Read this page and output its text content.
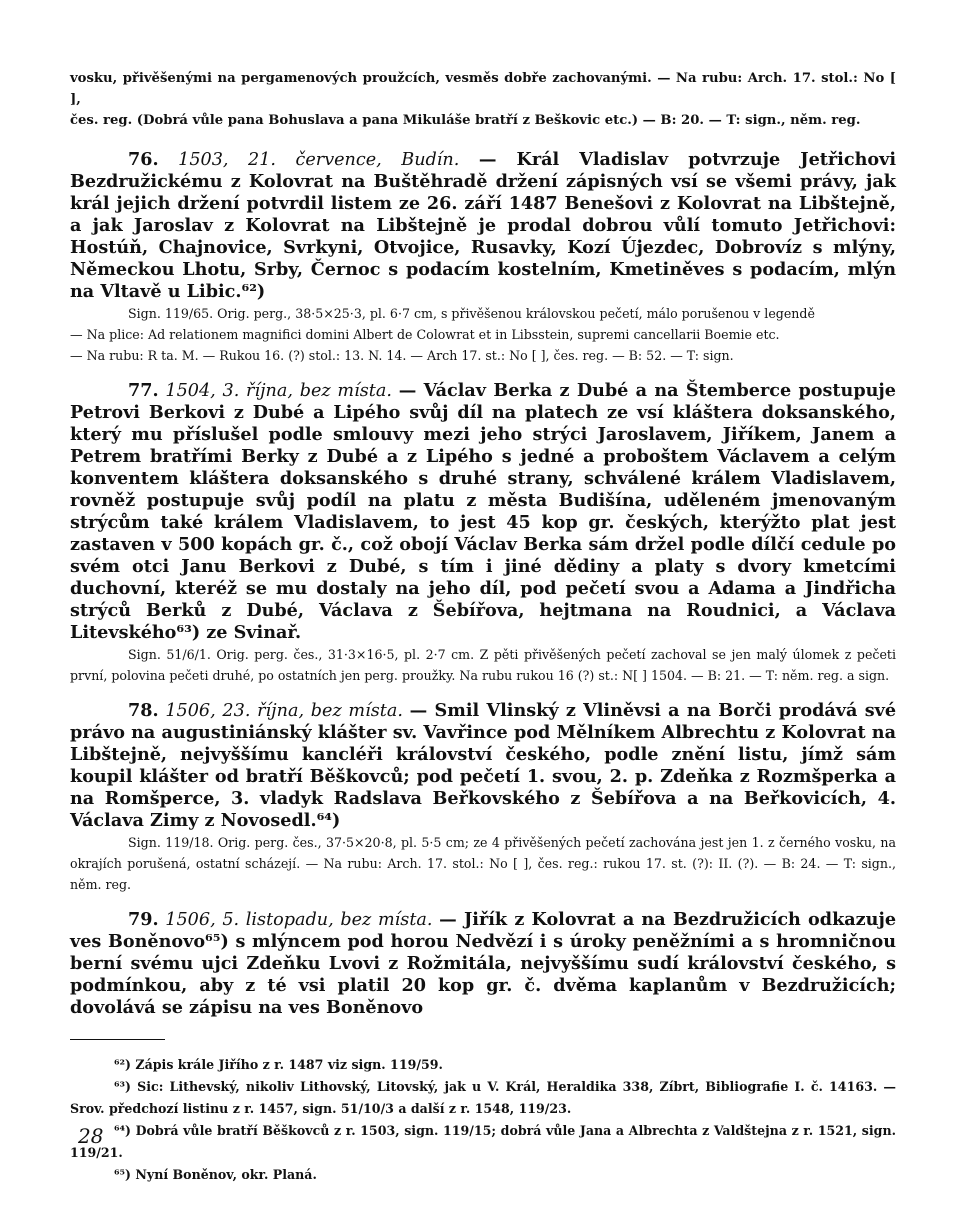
vosku, přivěšenými na pergamenových proužcích, vesměs dobře zachovanými. — Na rubu: Arch. 17. stol.: No [ ],

čes. reg. (Dobrá vůle pana Bohuslava a pana Mikuláše bratří z Beškovic etc.) — B: 20. — T: sign., něm. reg.

76. 1503, 21. července, Budín. — Král Vladislav potvrzuje Jetřichovi Bezdružickému z Kolovrat na Buštěhradě držení zápisných vsí se všemi právy, jak král jejich držení potvrdil listem ze 26. září 1487 Benešovi z Kolovrat na Libštejně, a jak Jaroslav z Kolovrat na Libštejně je prodal dobrou vůlí tomuto Jetřichovi: Hostúň, Chajnovice, Svrkyni, Otvojice, Rusavky, Kozí Újezdec, Dobrovíz s mlýny, Německou Lhotu, Srby, Černoc s podacím kostelním, Kmetiněves s podacím, mlýn na Vltavě u Libic.⁶²)

Sign. 119/65. Orig. perg., 38·5×25·3, pl. 6·7 cm, s přivěšenou královskou pečetí, málo porušenou v legendě

— Na plice: Ad relationem magnifici domini Albert de Colowrat et in Libsstein, supremi cancellarii Boemie etc.

— Na rubu: R ta. M. — Rukou 16. (?) stol.: 13. N. 14. — Arch 17. st.: No [ ], čes. reg. — B: 52. — T: sign.

77. 1504, 3. října, bez místa. — Václav Berka z Dubé a na Štemberce postupuje Petrovi Berkovi z Dubé a Lipého svůj díl na platech ze vsí kláštera doksanského, který mu příslušel podle smlouvy mezi jeho strýci Jaroslavem, Jiříkem, Janem a Petrem bratřími Berky z Dubé a z Lipého s jedné a proboštem Václavem a celým konventem kláštera doksanského s druhé strany, schválené králem Vladislavem, rovněž postupuje svůj podíl na platu z města Budišína, uděleném jmenovaným strýcům také králem Vladislavem, to jest 45 kop gr. českých, kterýžto plat jest zastaven v 500 kopách gr. č., což obojí Václav Berka sám držel podle dílčí cedule po svém otci Janu Berkovi z Dubé, s tím i jiné dědiny a platy s dvory kmetcími duchovní, kteréž se mu dostaly na jeho díl, pod pečetí svou a Adama a Jindřicha strýců Berků z Dubé, Václava z Šebířova, hejtmana na Roudnici, a Václava Litevského⁶³) ze Svinař.

Sign. 51/6/1. Orig. perg. čes., 31·3×16·5, pl. 2·7 cm. Z pěti přivěšených pečetí zachoval se jen malý úlomek z pečeti první, polovina pečeti druhé, po ostatních jen perg. proužky. Na rubu rukou 16 (?) st.: N[ ] 1504. — B: 21. — T: něm. reg. a sign.

78. 1506, 23. října, bez místa. — Smil Vlinský z Vliněvsi a na Borči prodává své právo na augustiniánský klášter sv. Vavřince pod Mělníkem Albrechtu z Kolovrat na Libštejně, nejvyššímu kancléři království českého, podle znění listu, jímž sám koupil klášter od bratří Běškovců; pod pečetí 1. svou, 2. p. Zdeňka z Rozmšperka a na Romšperce, 3. vladyk Radslava Beřkovského z Šebířova a na Beřkovicích, 4. Václava Zimy z Novosedl.⁶⁴)

Sign. 119/18. Orig. perg. čes., 37·5×20·8, pl. 5·5 cm; ze 4 přivěšených pečetí zachována jest jen 1. z černého vosku, na okrajích porušená, ostatní scházejí. — Na rubu: Arch. 17. stol.: No [ ], čes. reg.: rukou 17. st. (?): II. (?). — B: 24. — T: sign., něm. reg.

79. 1506, 5. listopadu, bez místa. — Jiřík z Kolovrat a na Bezdružicích odkazuje ves Boněnovo⁶⁵) s mlýncem pod horou Nedvězí i s úroky peněžními a s hromničnou berní svému ujci Zdeňku Lvovi z Rožmitála, nejvyššímu sudí království českého, s podmínkou, aby z té vsi platil 20 kop gr. č. dvěma kaplanům v Bezdružicích; dovolává se zápisu na ves Boněnovo

⁶²) Zápis krále Jiřího z r. 1487 viz sign. 119/59.

⁶³) Sic: Lithevský, nikoliv Lithovský, Litovský, jak u V. Král, Heraldika 338, Zíbrt, Bibliografie I. č. 14163. — Srov. předchozí listinu z r. 1457, sign. 51/10/3 a další z r. 1548, 119/23.

⁶⁴) Dobrá vůle bratří Běškovců z r. 1503, sign. 119/15; dobrá vůle Jana a Albrechta z Valdštejna z r. 1521, sign. 119/21.

⁶⁵) Nyní Boněnov, okr. Planá.

28
